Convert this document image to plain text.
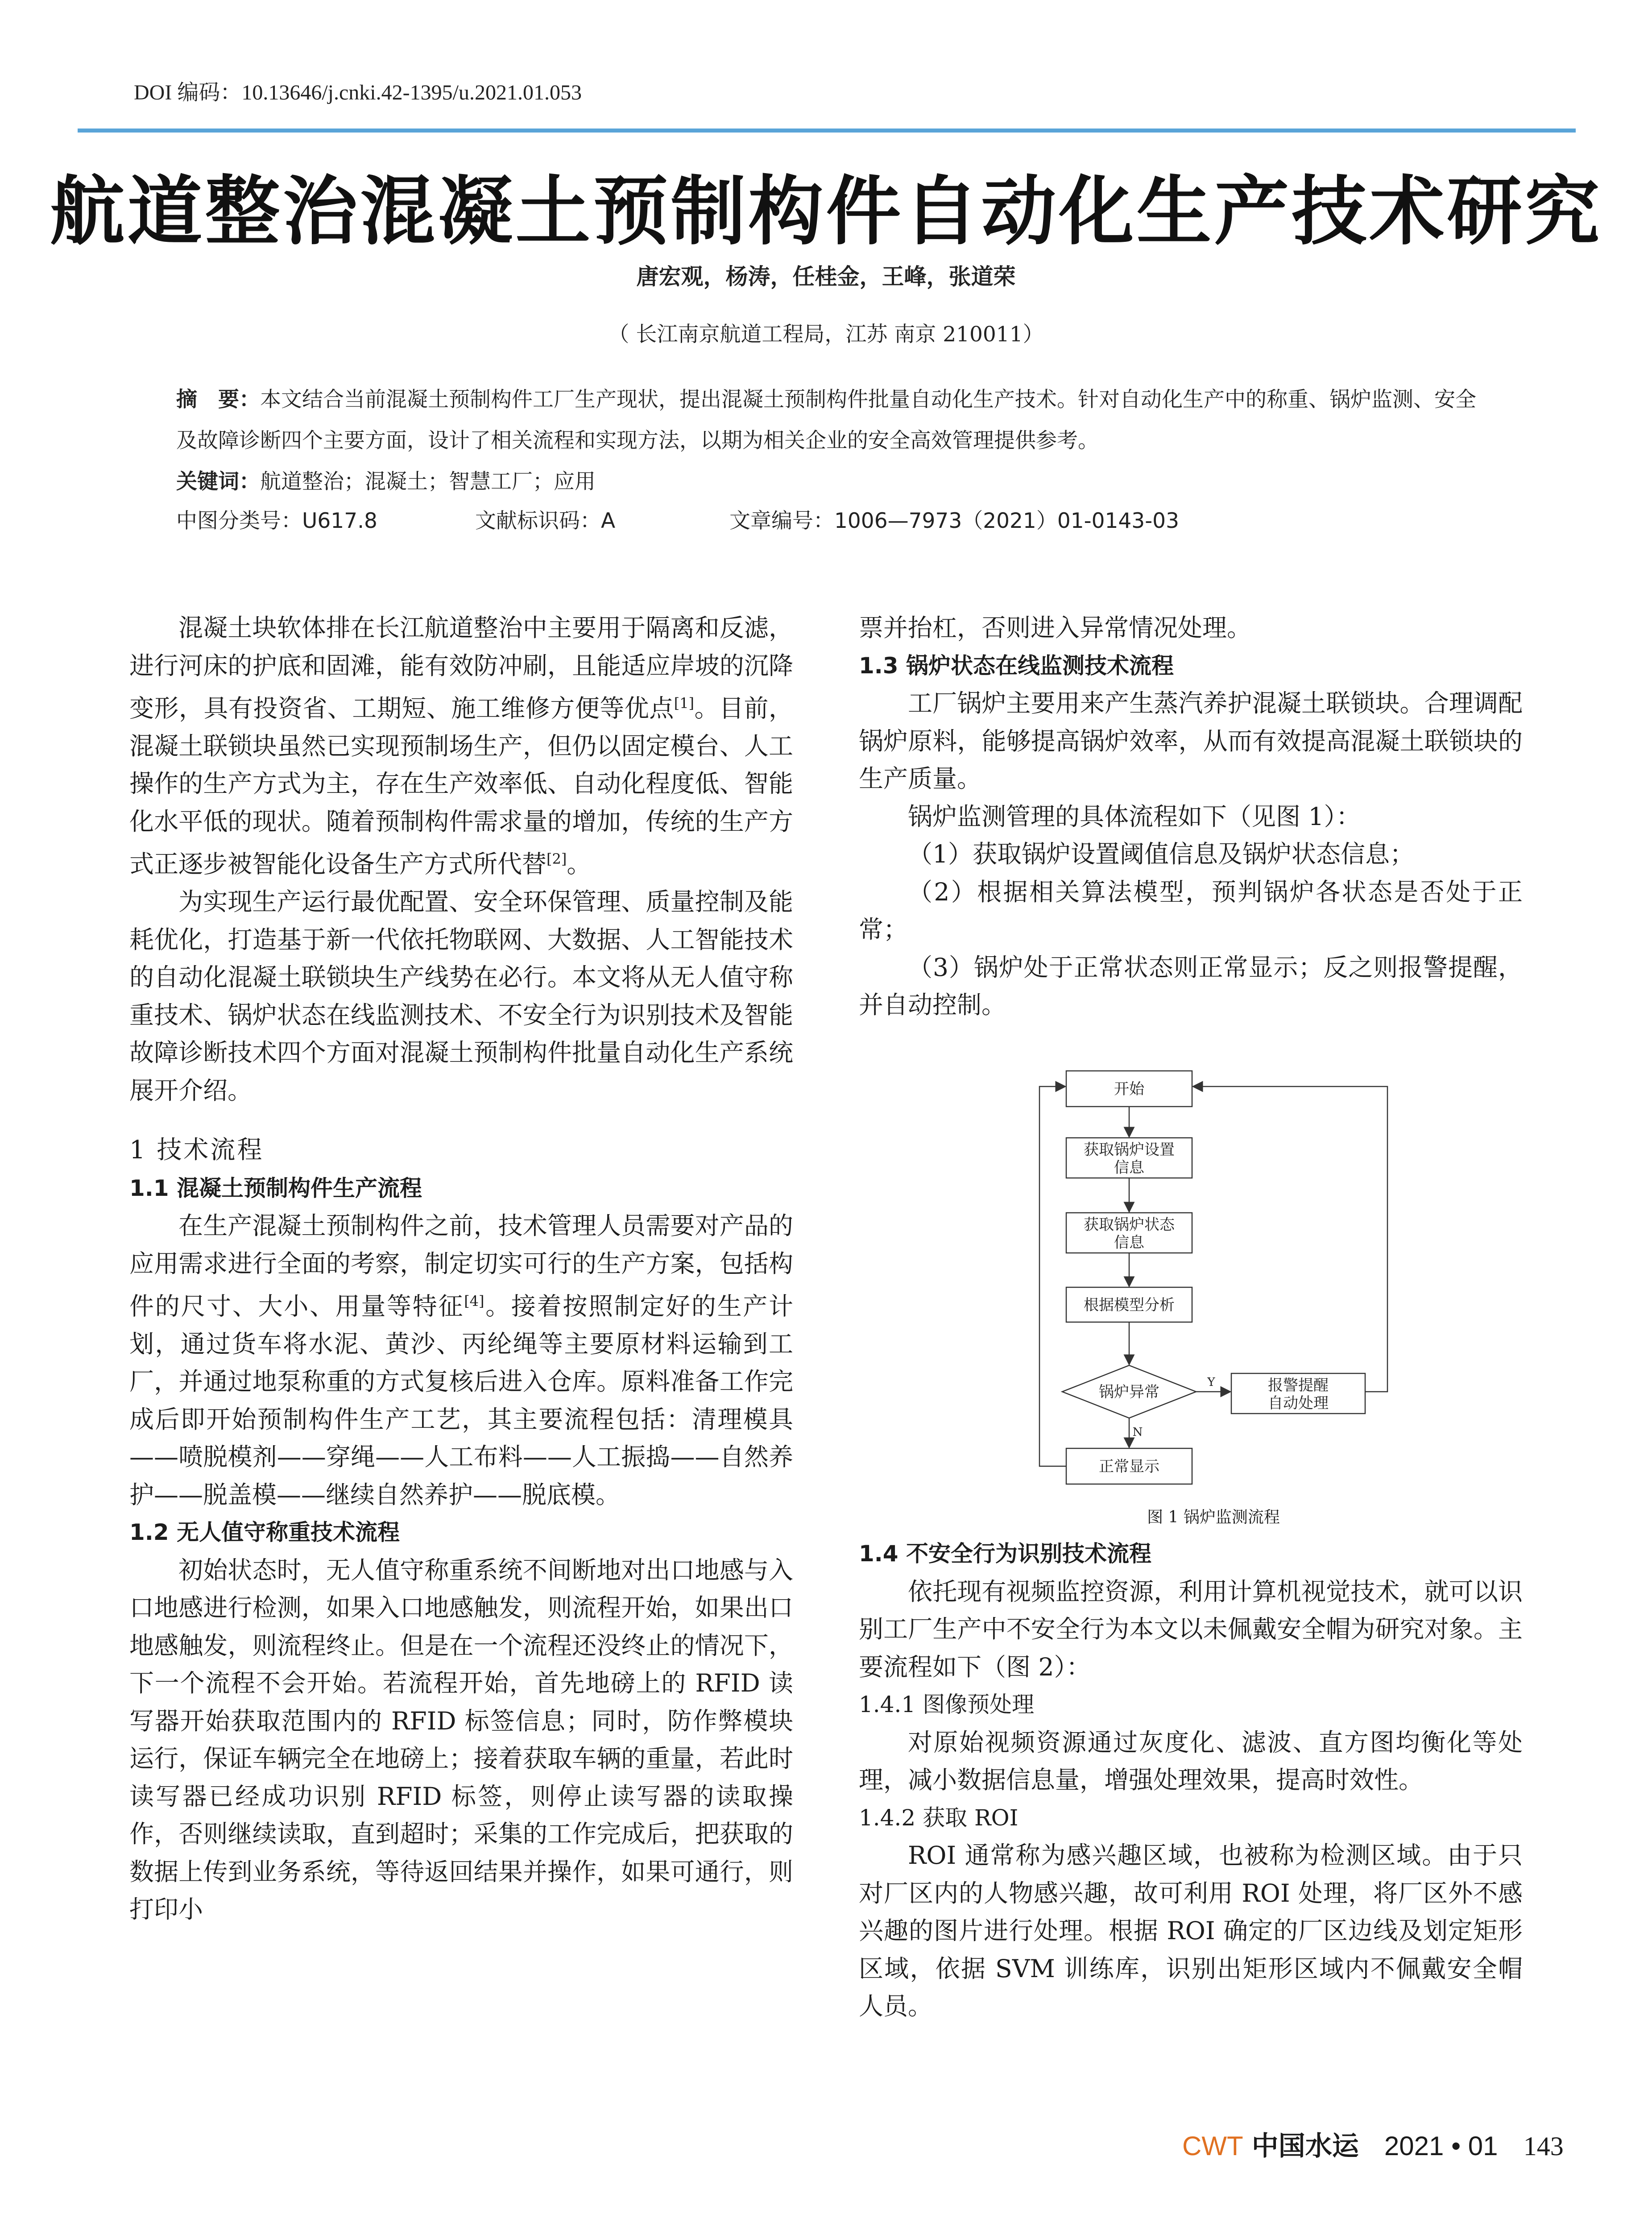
DOI 编码：10.13646/j.cnki.42-1395/u.2021.01.053
航道整治混凝土预制构件自动化生产技术研究
唐宏观，杨涛，任桂金，王峰，张道荣
（ 长江南京航道工程局，江苏 南京 210011）
摘　要：本文结合当前混凝土预制构件工厂生产现状，提出混凝土预制构件批量自动化生产技术。针对自动化生产中的称重、锅炉监测、安全及故障诊断四个主要方面，设计了相关流程和实现方法，以期为相关企业的安全高效管理提供参考。
关键词：航道整治；混凝土；智慧工厂；应用
中图分类号：U617.8	文献标识码：A	文章编号：1006—7973（2021）01-0143-03

混凝土块软体排在长江航道整治中主要用于隔离和反滤，进行河床的护底和固滩，能有效防冲刷，且能适应岸坡的沉降变形，具有投资省、工期短、施工维修方便等优点[1]。目前，混凝土联锁块虽然已实现预制场生产，但仍以固定模台、人工操作的生产方式为主，存在生产效率低、自动化程度低、智能化水平低的现状。随着预制构件需求量的增加，传统的生产方式正逐步被智能化设备生产方式所代替[2]。

为实现生产运行最优配置、安全环保管理、质量控制及能耗优化，打造基于新一代依托物联网、大数据、人工智能技术的自动化混凝土联锁块生产线势在必行。本文将从无人值守称重技术、锅炉状态在线监测技术、不安全行为识别技术及智能故障诊断技术四个方面对混凝土预制构件批量自动化生产系统展开介绍。

1 技术流程

1.1 混凝土预制构件生产流程

在生产混凝土预制构件之前，技术管理人员需要对产品的应用需求进行全面的考察，制定切实可行的生产方案，包括构件的尺寸、大小、用量等特征[4]。接着按照制定好的生产计划，通过货车将水泥、黄沙、丙纶绳等主要原材料运输到工厂，并通过地泵称重的方式复核后进入仓库。原料准备工作完成后即开始预制构件生产工艺，其主要流程包括：清理模具——喷脱模剂——穿绳——人工布料——人工振捣——自然养护——脱盖模——继续自然养护——脱底模。

1.2 无人值守称重技术流程

初始状态时，无人值守称重系统不间断地对出口地感与入口地感进行检测，如果入口地感触发，则流程开始，如果出口地感触发，则流程终止。但是在一个流程还没终止的情况下，下一个流程不会开始。若流程开始，首先地磅上的 RFID 读写器开始获取范围内的 RFID 标签信息；同时，防作弊模块运行，保证车辆完全在地磅上；接着获取车辆的重量，若此时读写器已经成功识别 RFID 标签，则停止读写器的读取操作，否则继续读取，直到超时；采集的工作完成后，把获取的数据上传到业务系统，等待返回结果并操作，如果可通行，则打印小

票并抬杠，否则进入异常情况处理。

1.3 锅炉状态在线监测技术流程

工厂锅炉主要用来产生蒸汽养护混凝土联锁块。合理调配锅炉原料，能够提高锅炉效率，从而有效提高混凝土联锁块的生产质量。

锅炉监测管理的具体流程如下（见图 1）：

（1）获取锅炉设置阈值信息及锅炉状态信息；

（2）根据相关算法模型，预判锅炉各状态是否处于正常；

（3）锅炉处于正常状态则正常显示；反之则报警提醒，并自动控制。

开始
获取锅炉设置
信息
获取锅炉状态
信息
根据模型分析
锅炉异常	报警提醒
自动处理
正常显示
Y
N
图 1 锅炉监测流程

1.4 不安全行为识别技术流程

依托现有视频监控资源，利用计算机视觉技术，就可以识别工厂生产中不安全行为本文以未佩戴安全帽为研究对象。主要流程如下（图 2）：

1.4.1 图像预处理

对原始视频资源通过灰度化、滤波、直方图均衡化等处理，减小数据信息量，增强处理效果，提高时效性。

1.4.2 获取 ROI

ROI 通常称为感兴趣区域，也被称为检测区域。由于只对厂区内的人物感兴趣，故可利用 ROI 处理，将厂区外不感兴趣的图片进行处理。根据 ROI 确定的厂区边线及划定矩形区域，依据 SVM 训练库，识别出矩形区域内不佩戴安全帽人员。

CWT 中国水运 2021 • 01 143
